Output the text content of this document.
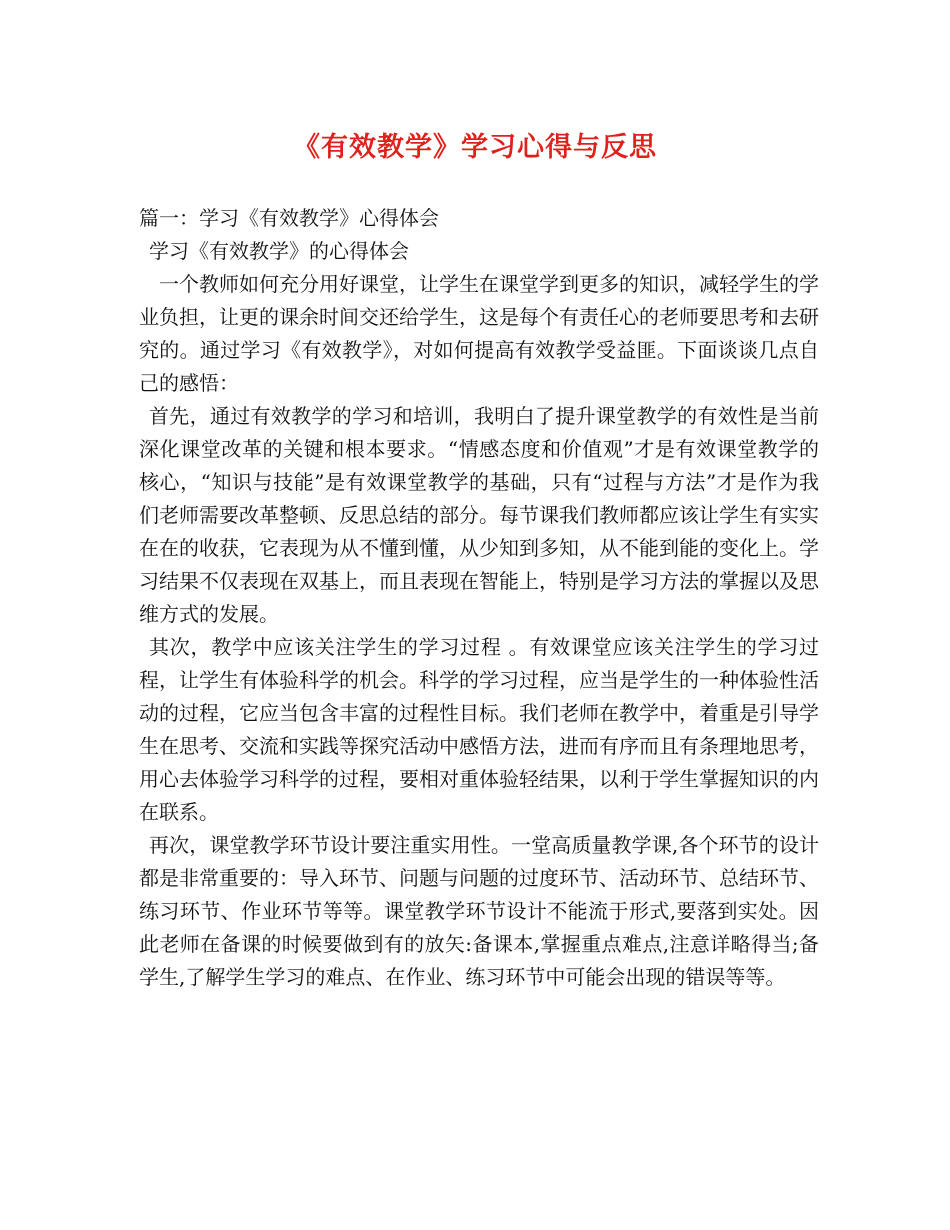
《有效教学》学习心得与反思

篇一：学习《有效教学》心得体会

学习《有效教学》的心得体会

一个教师如何充分用好课堂，让学生在课堂学到更多的知识，减轻学生的学业负担，让更的课余时间交还给学生，这是每个有责任心的老师要思考和去研究的。通过学习《有效教学》，对如何提高有效教学受益匪。下面谈谈几点自己的感悟：

首先，通过有效教学的学习和培训，我明白了提升课堂教学的有效性是当前深化课堂改革的关键和根本要求。“情感态度和价值观”才是有效课堂教学的核心，“知识与技能”是有效课堂教学的基础，只有“过程与方法”才是作为我们老师需要改革整顿、反思总结的部分。每节课我们教师都应该让学生有实实在在的收获，它表现为从不懂到懂，从少知到多知，从不能到能的变化上。学习结果不仅表现在双基上，而且表现在智能上，特别是学习方法的掌握以及思维方式的发展。

其次，教学中应该关注学生的学习过程 。有效课堂应该关注学生的学习过程，让学生有体验科学的机会。科学的学习过程，应当是学生的一种体验性活动的过程，它应当包含丰富的过程性目标。我们老师在教学中，着重是引导学生在思考、交流和实践等探究活动中感悟方法，进而有序而且有条理地思考，用心去体验学习科学的过程，要相对重体验轻结果，以利于学生掌握知识的内在联系。

再次，课堂教学环节设计要注重实用性。一堂高质量教学课,各个环节的设计都是非常重要的：导入环节、问题与问题的过度环节、活动环节、总结环节、练习环节、作业环节等等。课堂教学环节设计不能流于形式,要落到实处。因此老师在备课的时候要做到有的放矢:备课本,掌握重点难点,注意详略得当;备学生,了解学生学习的难点、在作业、练习环节中可能会出现的错误等等。
